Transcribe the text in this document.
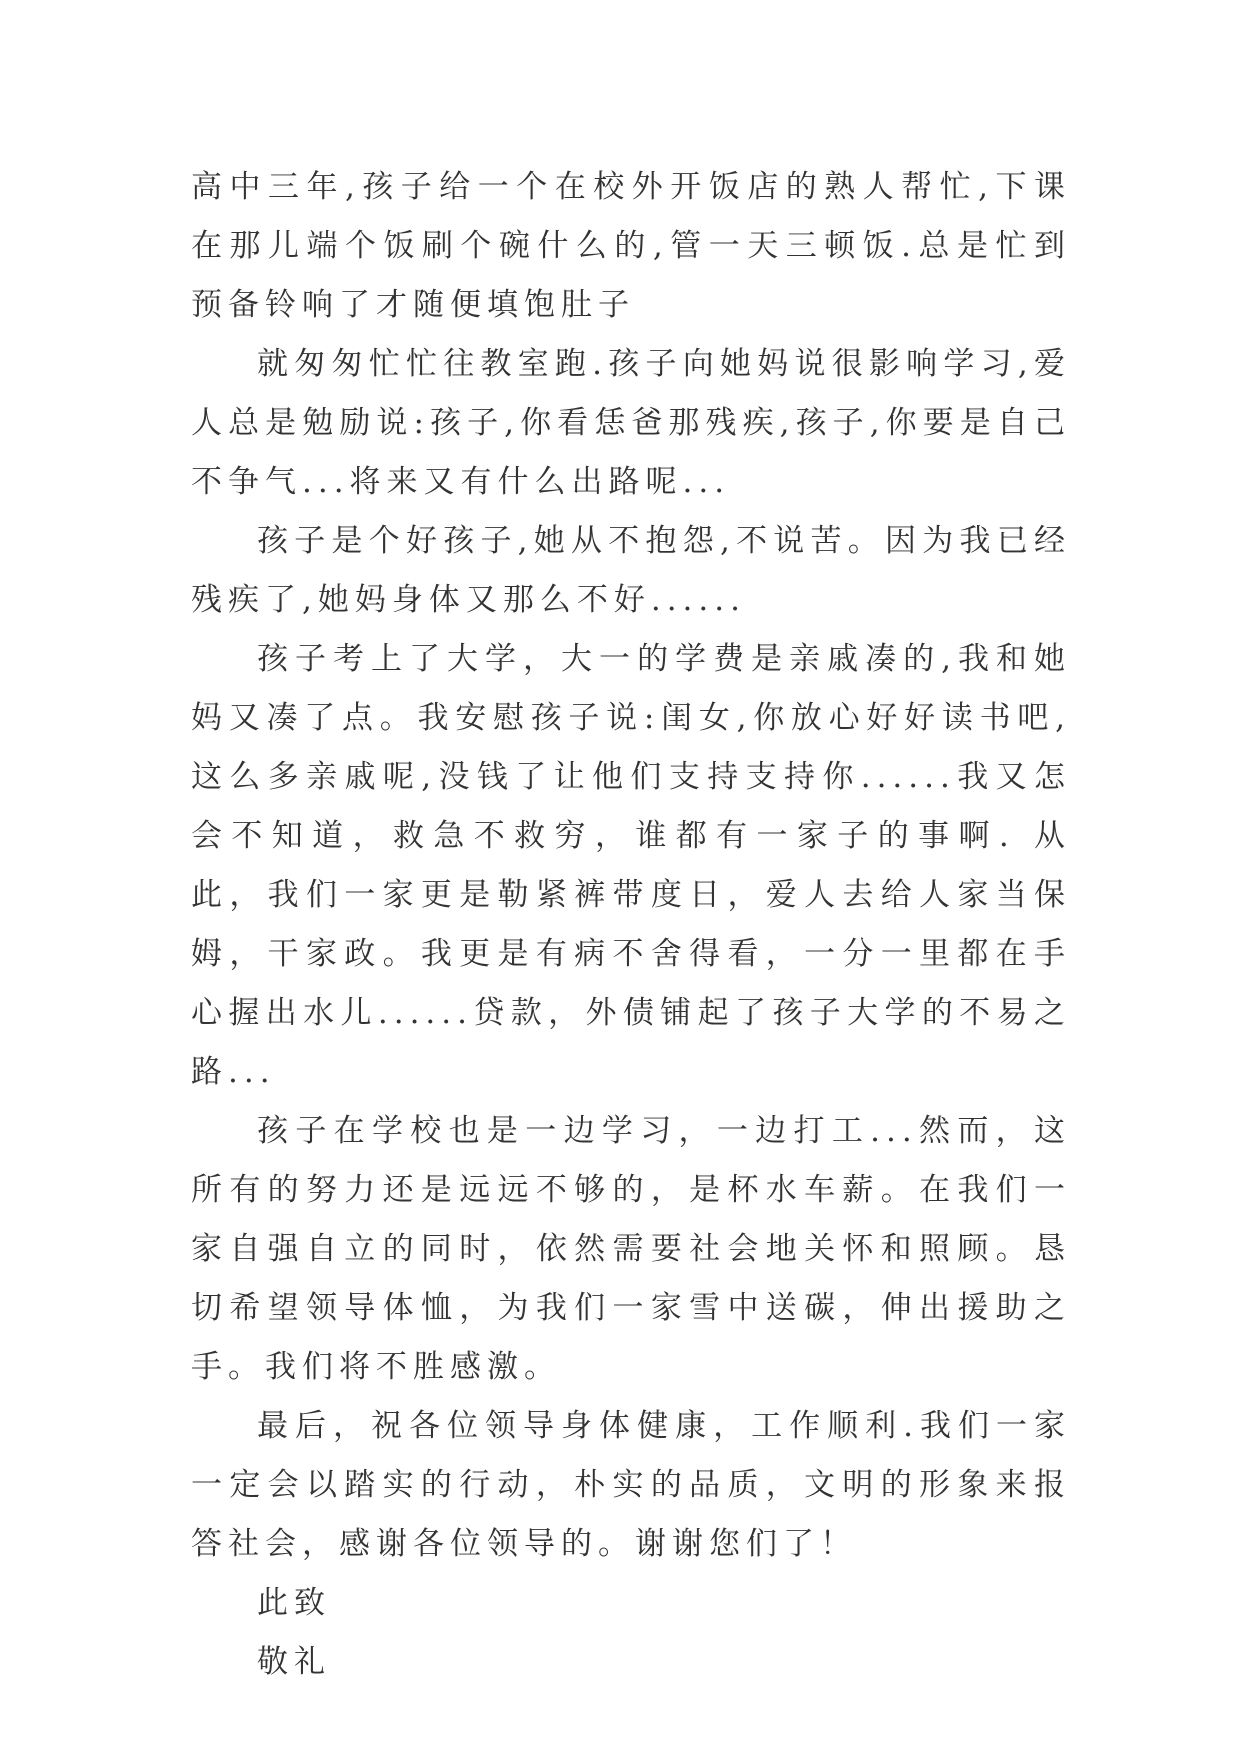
高中三年,孩子给一个在校外开饭店的熟人帮忙,下课在那儿端个饭刷个碗什么的,管一天三顿饭.总是忙到预备铃响了才随便填饱肚子

就匆匆忙忙往教室跑.孩子向她妈说很影响学习,爱人总是勉励说:孩子,你看恁爸那残疾,孩子,你要是自己不争气...将来又有什么出路呢...

孩子是个好孩子,她从不抱怨,不说苦。因为我已经残疾了,她妈身体又那么不好......

孩子考上了大学，大一的学费是亲戚凑的,我和她妈又凑了点。我安慰孩子说:闺女,你放心好好读书吧,这么多亲戚呢,没钱了让他们支持支持你......我又怎会不知道，救急不救穷，谁都有一家子的事啊. 从此，我们一家更是勒紧裤带度日，爱人去给人家当保姆，干家政。我更是有病不舍得看，一分一里都在手心握出水儿......贷款，外债铺起了孩子大学的不易之路...

孩子在学校也是一边学习，一边打工...然而，这所有的努力还是远远不够的，是杯水车薪。在我们一家自强自立的同时，依然需要社会地关怀和照顾。恳切希望领导体恤，为我们一家雪中送碳，伸出援助之手。我们将不胜感激。

最后，祝各位领导身体健康，工作顺利.我们一家一定会以踏实的行动，朴实的品质，文明的形象来报答社会，感谢各位领导的。谢谢您们了！

此致

敬礼
